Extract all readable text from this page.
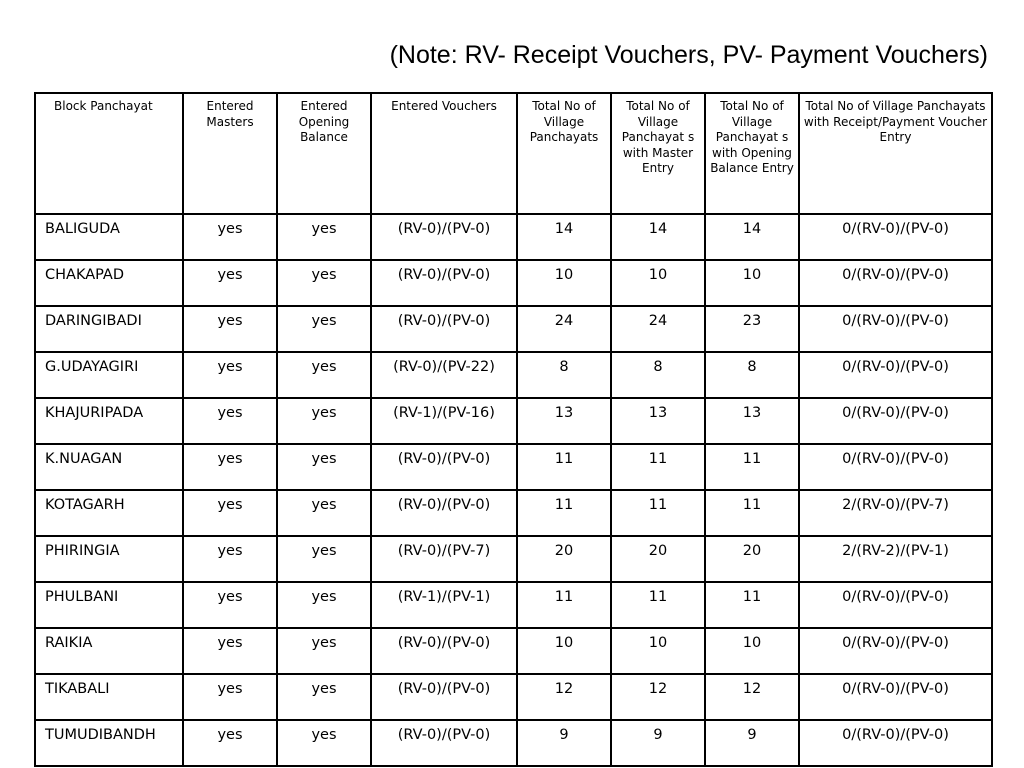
(Note: RV- Receipt Vouchers, PV- Payment Vouchers)
Block Panchayat	Entered Masters	Entered Opening Balance	Entered Vouchers	Total No of Village Panchayats	Total No of Village Panchayat s with Master Entry	Total No of Village Panchayat s with Opening Balance Entry	Total No of Village Panchayats with Receipt/Payment Voucher Entry
BALIGUDA	yes	yes	(RV-0)/(PV-0)	14	14	14	0/(RV-0)/(PV-0)
CHAKAPAD	yes	yes	(RV-0)/(PV-0)	10	10	10	0/(RV-0)/(PV-0)
DARINGIBADI	yes	yes	(RV-0)/(PV-0)	24	24	23	0/(RV-0)/(PV-0)
G.UDAYAGIRI	yes	yes	(RV-0)/(PV-22)	8	8	8	0/(RV-0)/(PV-0)
KHAJURIPADA	yes	yes	(RV-1)/(PV-16)	13	13	13	0/(RV-0)/(PV-0)
K.NUAGAN	yes	yes	(RV-0)/(PV-0)	11	11	11	0/(RV-0)/(PV-0)
KOTAGARH	yes	yes	(RV-0)/(PV-0)	11	11	11	2/(RV-0)/(PV-7)
PHIRINGIA	yes	yes	(RV-0)/(PV-7)	20	20	20	2/(RV-2)/(PV-1)
PHULBANI	yes	yes	(RV-1)/(PV-1)	11	11	11	0/(RV-0)/(PV-0)
RAIKIA	yes	yes	(RV-0)/(PV-0)	10	10	10	0/(RV-0)/(PV-0)
TIKABALI	yes	yes	(RV-0)/(PV-0)	12	12	12	0/(RV-0)/(PV-0)
TUMUDIBANDH	yes	yes	(RV-0)/(PV-0)	9	9	9	0/(RV-0)/(PV-0)
